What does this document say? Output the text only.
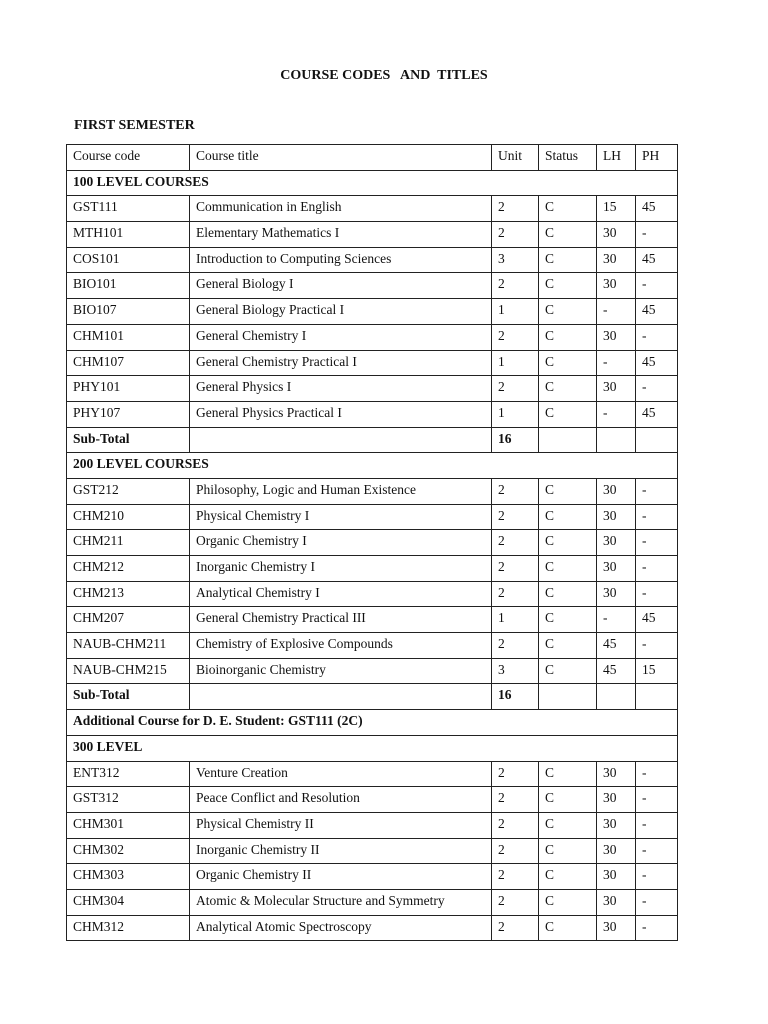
COURSE CODES   AND  TITLES
FIRST SEMESTER
Course code	Course title	Unit	Status	LH	PH
100 LEVEL COURSES					
GST111	Communication in English	2	C	15	45
MTH101	Elementary Mathematics I	2	C	30	-
COS101	Introduction to Computing Sciences	3	C	30	45
BIO101	General Biology I	2	C	30	-
BIO107	General Biology Practical I	1	C	-	45
CHM101	General Chemistry I	2	C	30	-
CHM107	General Chemistry Practical I	1	C	-	45
PHY101	General Physics I	2	C	30	-
PHY107	General Physics Practical I	1	C	-	45
Sub-Total		16			
200 LEVEL COURSES					
GST212	Philosophy, Logic and Human Existence	2	C	30	-
CHM210	Physical Chemistry I	2	C	30	-
CHM211	Organic Chemistry I	2	C	30	-
CHM212	Inorganic Chemistry I	2	C	30	-
CHM213	Analytical Chemistry I	2	C	30	-
CHM207	General Chemistry Practical III	1	C	-	45
NAUB-CHM211	Chemistry of Explosive Compounds	2	C	45	-
NAUB-CHM215	Bioinorganic Chemistry	3	C	45	15
Sub-Total		16			
Additional Course for D. E. Student: GST111 (2C)					
300 LEVEL					
ENT312	Venture Creation	2	C	30	-
GST312	Peace Conflict and Resolution	2	C	30	-
CHM301	Physical Chemistry II	2	C	30	-
CHM302	Inorganic Chemistry II	2	C	30	-
CHM303	Organic Chemistry II	2	C	30	-
CHM304	Atomic & Molecular Structure and Symmetry	2	C	30	-
CHM312	Analytical Atomic Spectroscopy	2	C	30	-
